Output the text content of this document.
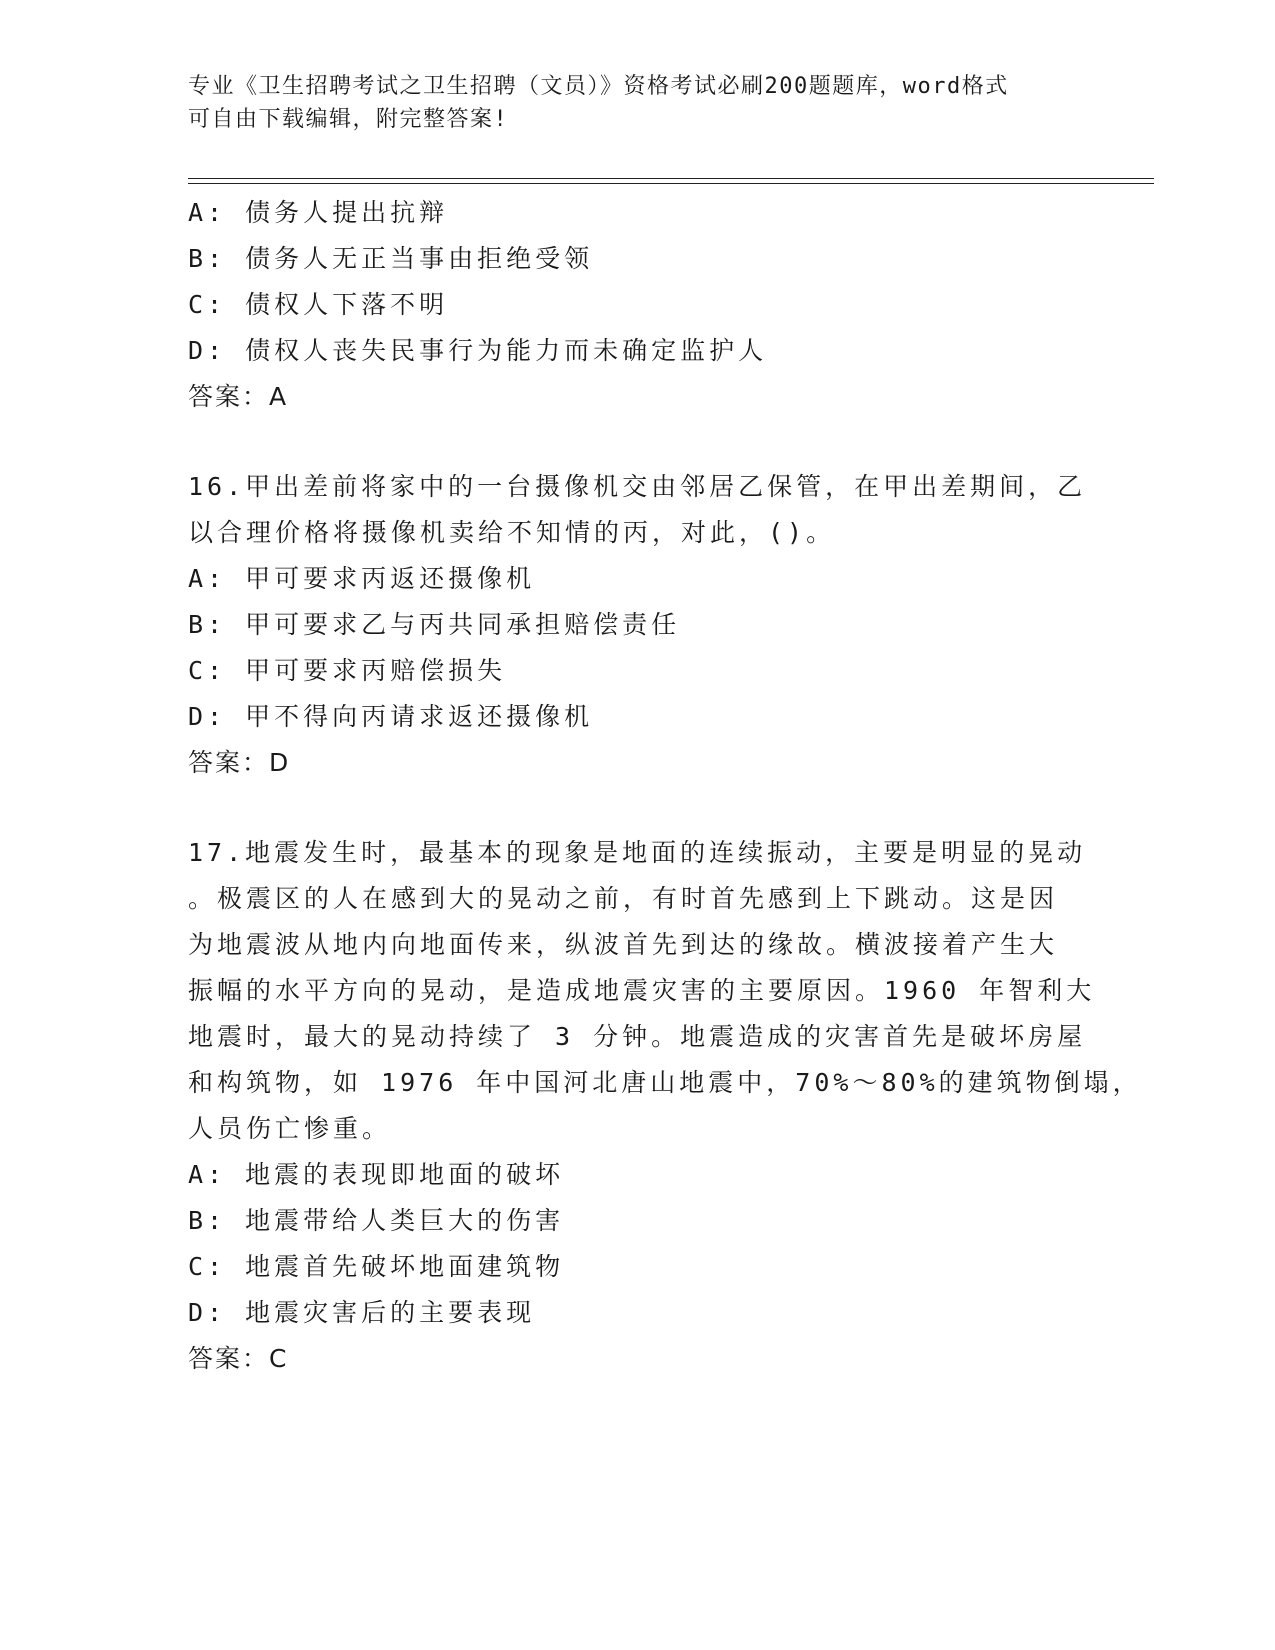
专业《卫生招聘考试之卫生招聘（文员）》资格考试必刷200题题库，word格式
可自由下载编辑，附完整答案!
A: 债务人提出抗辩
B: 债务人无正当事由拒绝受领
C: 债权人下落不明
D: 债权人丧失民事行为能力而未确定监护人
答案：A
16.甲出差前将家中的一台摄像机交由邻居乙保管，在甲出差期间，乙
以合理价格将摄像机卖给不知情的丙，对此，()。
A: 甲可要求丙返还摄像机
B: 甲可要求乙与丙共同承担赔偿责任
C: 甲可要求丙赔偿损失
D: 甲不得向丙请求返还摄像机
答案：D
17.地震发生时，最基本的现象是地面的连续振动，主要是明显的晃动
。极震区的人在感到大的晃动之前，有时首先感到上下跳动。这是因
为地震波从地内向地面传来，纵波首先到达的缘故。横波接着产生大
振幅的水平方向的晃动，是造成地震灾害的主要原因。1960 年智利大
地震时，最大的晃动持续了 3 分钟。地震造成的灾害首先是破坏房屋
和构筑物，如 1976 年中国河北唐山地震中，70%～80%的建筑物倒塌，
人员伤亡惨重。
A: 地震的表现即地面的破坏
B: 地震带给人类巨大的伤害
C: 地震首先破坏地面建筑物
D: 地震灾害后的主要表现
答案：C
